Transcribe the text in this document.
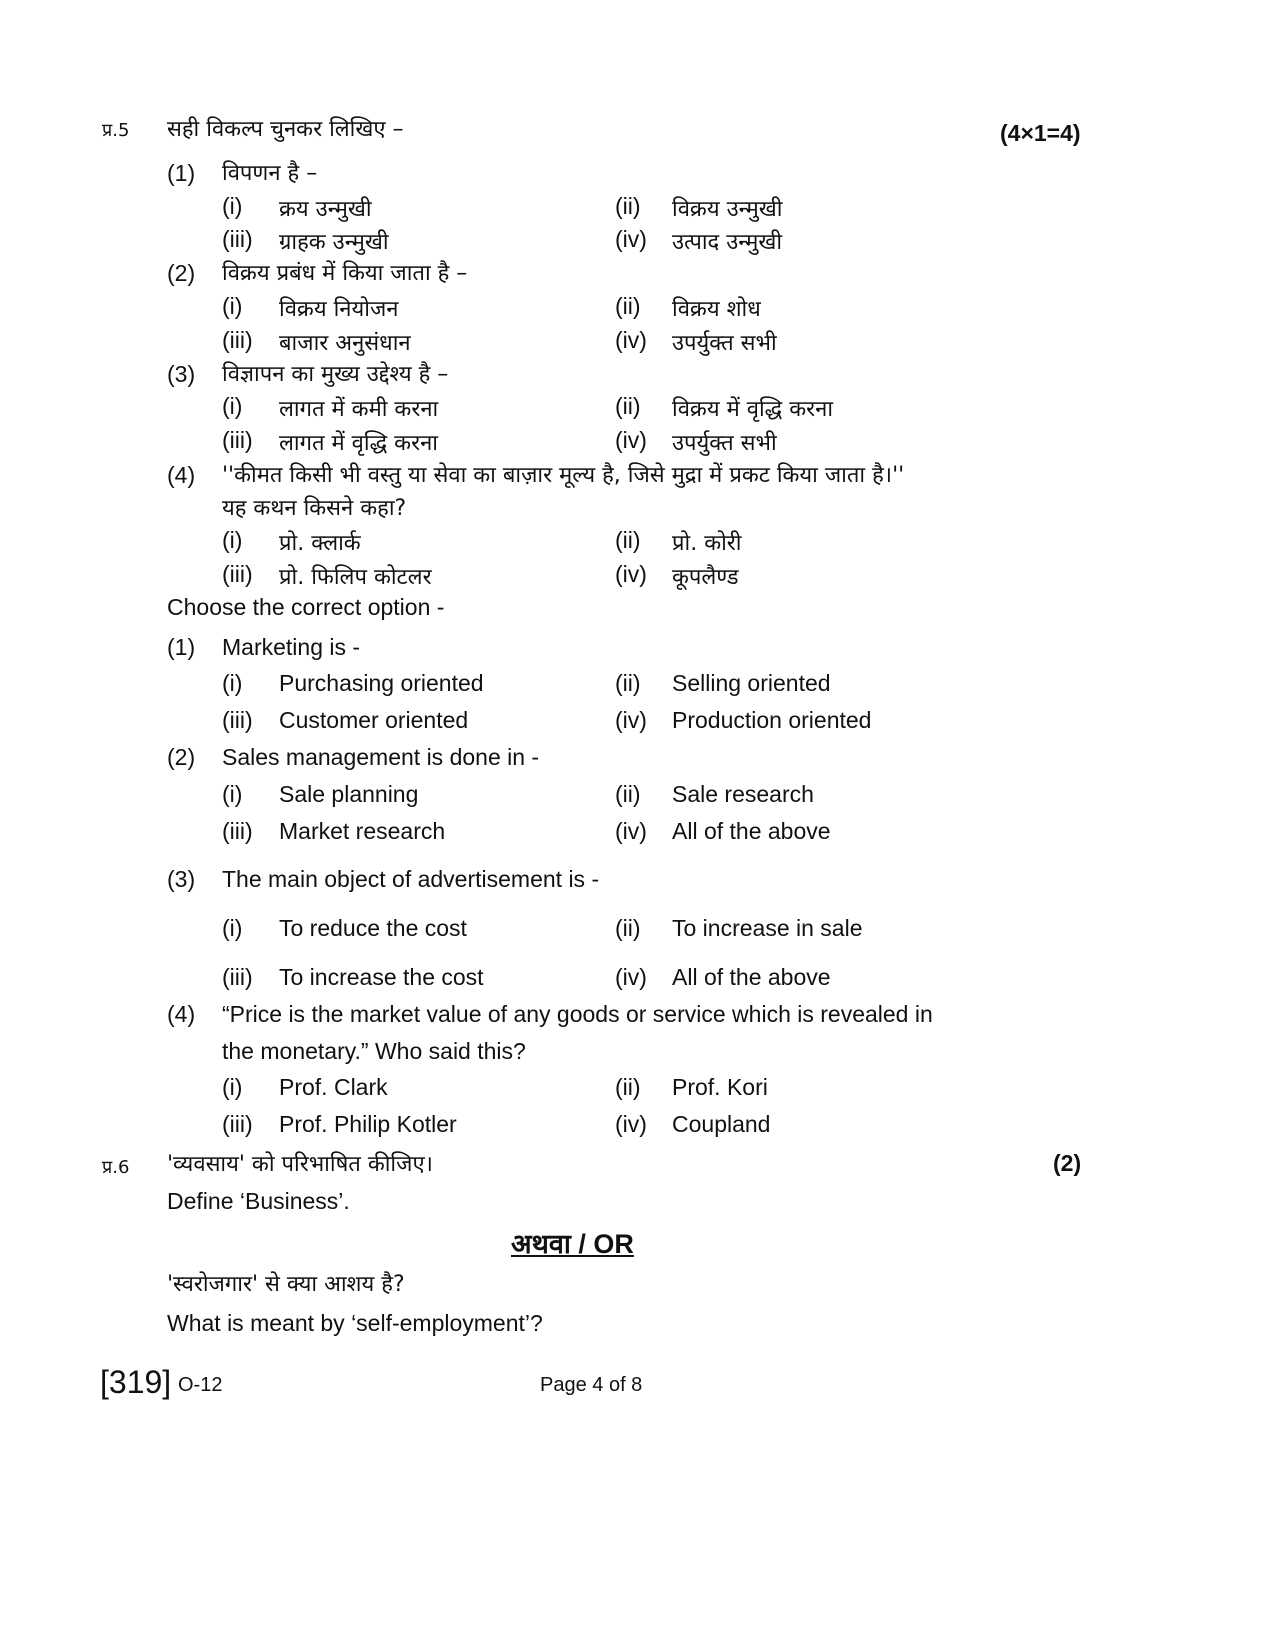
प्र.5 सही विकल्प चुनकर लिखिए –	(4×1=4)
(1) विपणन है –
(i) क्रय उन्मुखी	(ii) विक्रय उन्मुखी
(iii) ग्राहक उन्मुखी	(iv) उत्पाद उन्मुखी
(2) विक्रय प्रबंध में किया जाता है –
(i) विक्रय नियोजन	(ii) विक्रय शोध
(iii) बाजार अनुसंधान	(iv) उपर्युक्त सभी
(3) विज्ञापन का मुख्य उद्देश्य है –
(i) लागत में कमी करना	(ii) विक्रय में वृद्धि करना
(iii) लागत में वृद्धि करना	(iv) उपर्युक्त सभी
(4) ''कीमत किसी भी वस्तु या सेवा का बाज़ार मूल्य है, जिसे मुद्रा में प्रकट किया जाता है।''
यह कथन किसने कहा?
(i) प्रो. क्लार्क	(ii) प्रो. कोरी
(iii) प्रो. फिलिप कोटलर	(iv) कूपलैण्ड
Choose the correct option -
(1) Marketing is -
(i) Purchasing oriented	(ii) Selling oriented
(iii) Customer oriented	(iv) Production oriented
(2) Sales management is done in -
(i) Sale planning	(ii) Sale research
(iii) Market research	(iv) All of the above
(3) The main object of advertisement is -
(i) To reduce the cost	(ii) To increase in sale
(iii) To increase the cost	(iv) All of the above
(4) “Price is the market value of any goods or service which is revealed in
the monetary.” Who said this?
(i) Prof. Clark	(ii) Prof. Kori
(iii) Prof. Philip Kotler	(iv) Coupland
प्र.6 'व्यवसाय' को परिभाषित कीजिए।	(2)
Define ‘Business’.
अथवा / OR
'स्वरोजगार' से क्या आशय है?
What is meant by ‘self-employment’?
[319] O-12	Page 4 of 8
